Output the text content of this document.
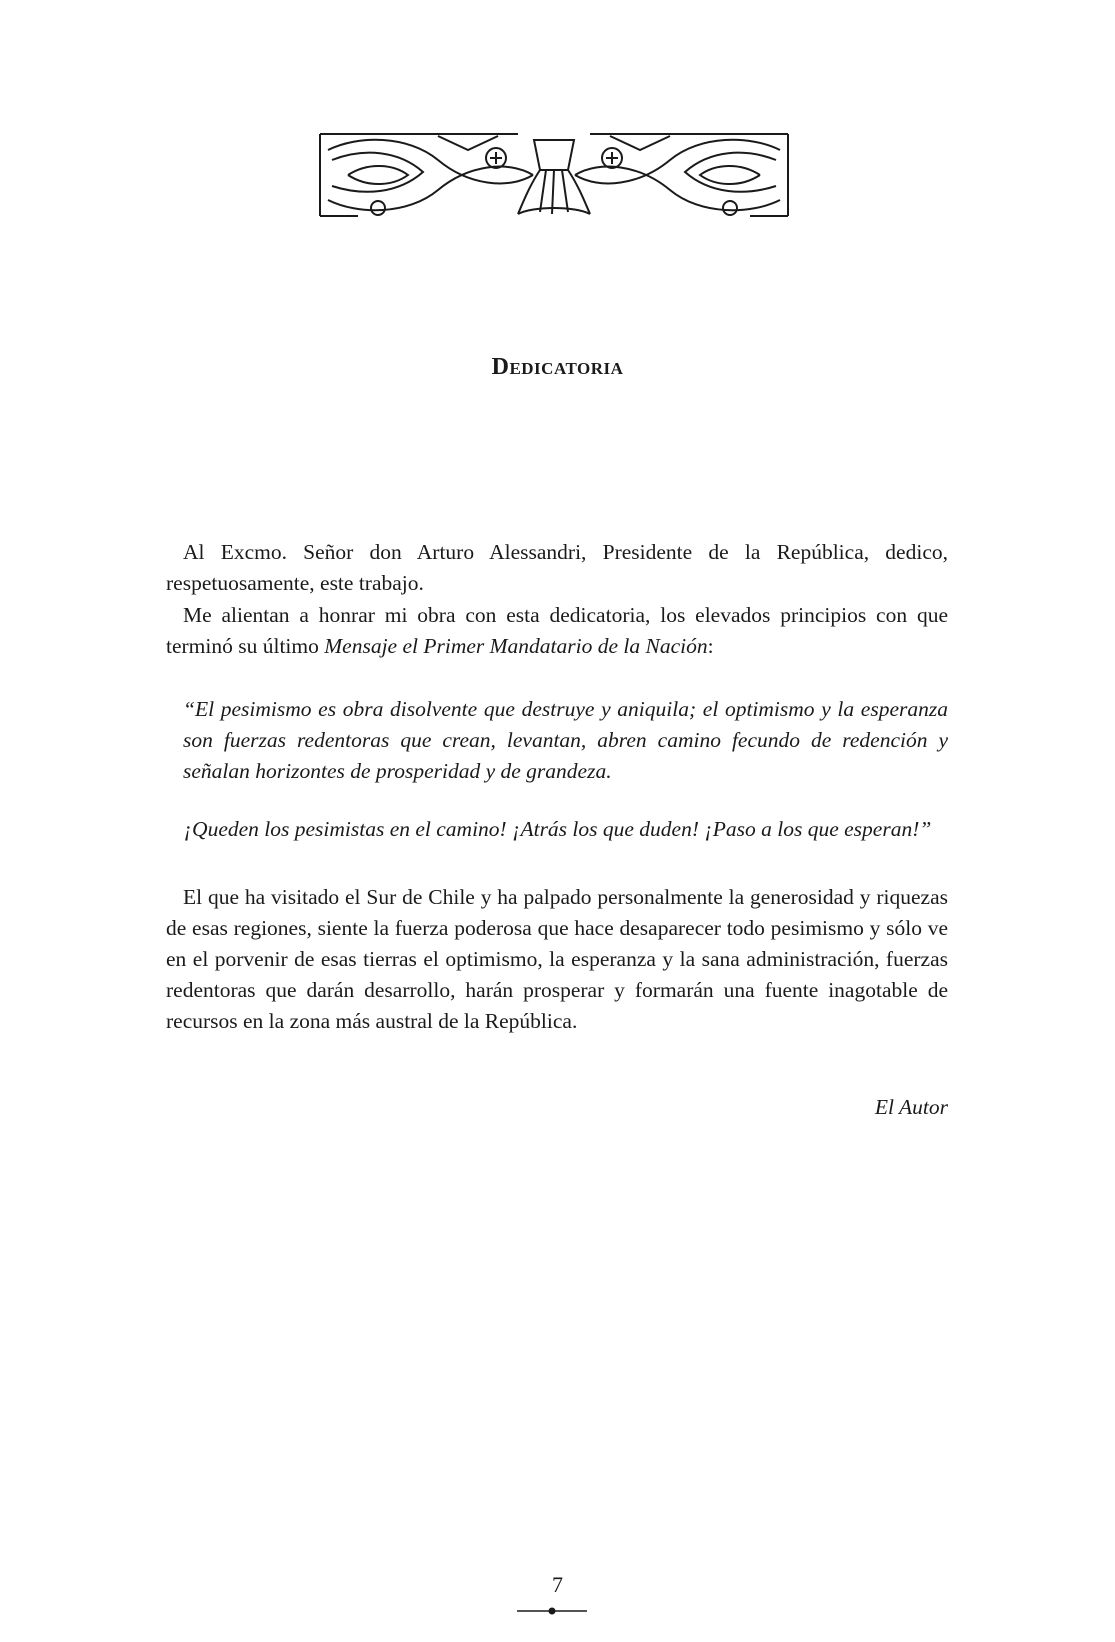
Dedicatoria

Al Excmo. Señor don Arturo Alessandri, Presidente de la República, dedico, respetuosamente, este trabajo.

Me alientan a honrar mi obra con esta dedicatoria, los elevados principios con que terminó su último Mensaje el Primer Mandatario de la Nación:

“El pesimismo es obra disolvente que destruye y aniquila; el optimismo y la esperanza son fuerzas redentoras que crean, levantan, abren camino fecundo de redención y señalan horizontes de prosperidad y de grandeza.
¡Queden los pesimistas en el camino! ¡Atrás los que duden! ¡Paso a los que esperan!”

El que ha visitado el Sur de Chile y ha palpado personalmente la generosidad y riquezas de esas regiones, siente la fuerza poderosa que hace desaparecer todo pesimismo y sólo ve en el porvenir de esas tierras el optimismo, la esperanza y la sana administración, fuerzas redentoras que darán desarrollo, harán prosperar y formarán una fuente inagotable de recursos en la zona más austral de la República.

El Autor
7
